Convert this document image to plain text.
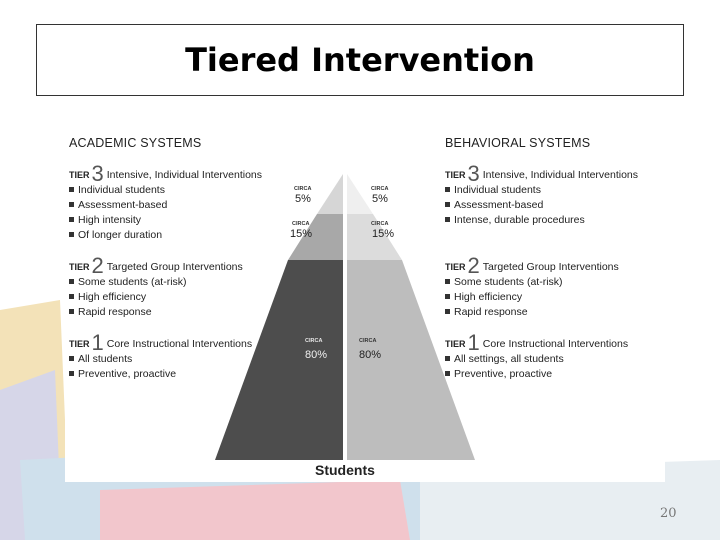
Tiered Intervention
ACADEMIC SYSTEMS
TIER3 Intensive, Individual Interventions
Individual students
Assessment-based
High intensity
Of longer duration
TIER2 Targeted Group Interventions
Some students (at-risk)
High efficiency
Rapid response
TIER1 Core Instructional Interventions
All students
Preventive, proactive
CIRCA
5%
CIRCA
5%
CIRCA
15%
CIRCA
15%
CIRCA
80%
CIRCA
80%
Students
BEHAVIORAL SYSTEMS
TIER3 Intensive, Individual Interventions
Individual students
Assessment-based
Intense, durable procedures
TIER2 Targeted Group Interventions
Some students (at-risk)
High efficiency
Rapid response
TIER1 Core Instructional Interventions
All settings, all students
Preventive, proactive
20
